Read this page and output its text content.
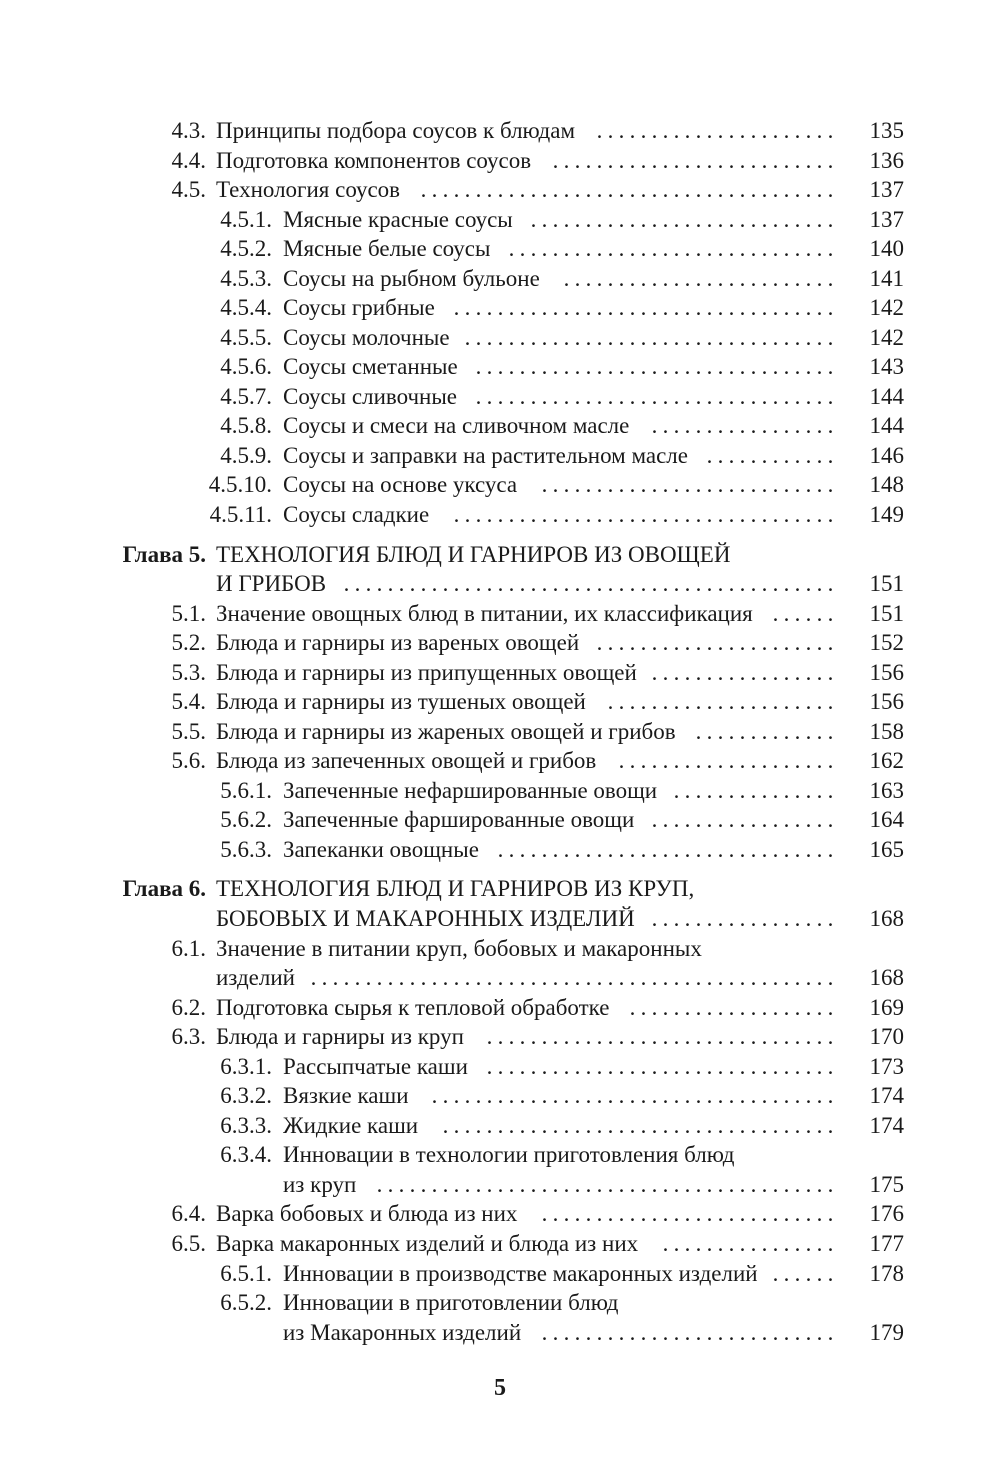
4.3. Принципы подбора соусов к блюдам . . . . . . . . . . . . . . . . . . . . . .	135
4.4. Подготовка компонентов соусов . . . . . . . . . . . . . . . . . . . . . . . . . .	136
4.5. Технология соусов . . . . . . . . . . . . . . . . . . . . . . . . . . . . . . . . . . . . . .	137
4.5.1. Мясные красные соусы . . . . . . . . . . . . . . . . . . . . . . . . . . . .	137
4.5.2. Мясные белые соусы . . . . . . . . . . . . . . . . . . . . . . . . . . . . . .	140
4.5.3. Соусы на рыбном бульоне . . . . . . . . . . . . . . . . . . . . . . . . .	141
4.5.4. Соусы грибные . . . . . . . . . . . . . . . . . . . . . . . . . . . . . . . . . . .	142
4.5.5. Соусы молочные . . . . . . . . . . . . . . . . . . . . . . . . . . . . . . . . . .	142
4.5.6. Соусы сметанные . . . . . . . . . . . . . . . . . . . . . . . . . . . . . . . . .	143
4.5.7. Соусы сливочные . . . . . . . . . . . . . . . . . . . . . . . . . . . . . . . . .	144
4.5.8. Соусы и смеси на сливочном масле . . . . . . . . . . . . . . . . .	144
4.5.9. Соусы и заправки на растительном масле . . . . . . . . . . . .	146
4.5.10. Соусы на основе уксуса . . . . . . . . . . . . . . . . . . . . . . . . . . .	148
4.5.11. Соусы сладкие . . . . . . . . . . . . . . . . . . . . . . . . . . . . . . . . . . .	149
Глава 5. ТЕХНОЛОГИЯ БЛЮД И ГАРНИРОВ ИЗ ОВОЩЕЙ
И ГРИБОВ . . . . . . . . . . . . . . . . . . . . . . . . . . . . . . . . . . . . . . . . . . . . .	151
5.1. Значение овощных блюд в питании, их классификация . . . . . .	151
5.2. Блюда и гарниры из вареных овощей . . . . . . . . . . . . . . . . . . . . . .	152
5.3. Блюда и гарниры из припущенных овощей . . . . . . . . . . . . . . . . .	156
5.4. Блюда и гарниры из тушеных овощей . . . . . . . . . . . . . . . . . . . . .	156
5.5. Блюда и гарниры из жареных овощей и грибов . . . . . . . . . . . . .	158
5.6. Блюда из запеченных овощей и грибов . . . . . . . . . . . . . . . . . . . .	162
5.6.1. Запеченные нефаршированные овощи . . . . . . . . . . . . . . .	163
5.6.2. Запеченные фаршированные овощи . . . . . . . . . . . . . . . . .	164
5.6.3. Запеканки овощные . . . . . . . . . . . . . . . . . . . . . . . . . . . . . . .	165
Глава 6. ТЕХНОЛОГИЯ БЛЮД И ГАРНИРОВ ИЗ КРУП,
БОБОВЫХ И МАКАРОННЫХ ИЗДЕЛИЙ . . . . . . . . . . . . . . . . .	168
6.1. Значение в питании круп, бобовых и макаронных
изделий . . . . . . . . . . . . . . . . . . . . . . . . . . . . . . . . . . . . . . . . . . . . . . . .	168
6.2. Подготовка сырья к тепловой обработке . . . . . . . . . . . . . . . . . . .	169
6.3. Блюда и гарниры из круп . . . . . . . . . . . . . . . . . . . . . . . . . . . . . . . .	170
6.3.1. Рассыпчатые каши . . . . . . . . . . . . . . . . . . . . . . . . . . . . . . . .	173
6.3.2. Вязкие каши . . . . . . . . . . . . . . . . . . . . . . . . . . . . . . . . . . . . .	174
6.3.3. Жидкие каши . . . . . . . . . . . . . . . . . . . . . . . . . . . . . . . . . . . .	174
6.3.4. Инновации в технологии приготовления блюд
из круп . . . . . . . . . . . . . . . . . . . . . . . . . . . . . . . . . . . . . . . . . .	175
6.4. Варка бобовых и блюда из них . . . . . . . . . . . . . . . . . . . . . . . . . . .	176
6.5. Варка макаронных изделий и блюда из них . . . . . . . . . . . . . . . .	177
6.5.1. Инновации в производстве макаронных изделий . . . . . .	178
6.5.2. Инновации в приготовлении блюд
из Макаронных изделий . . . . . . . . . . . . . . . . . . . . . . . . . . .	179
5
